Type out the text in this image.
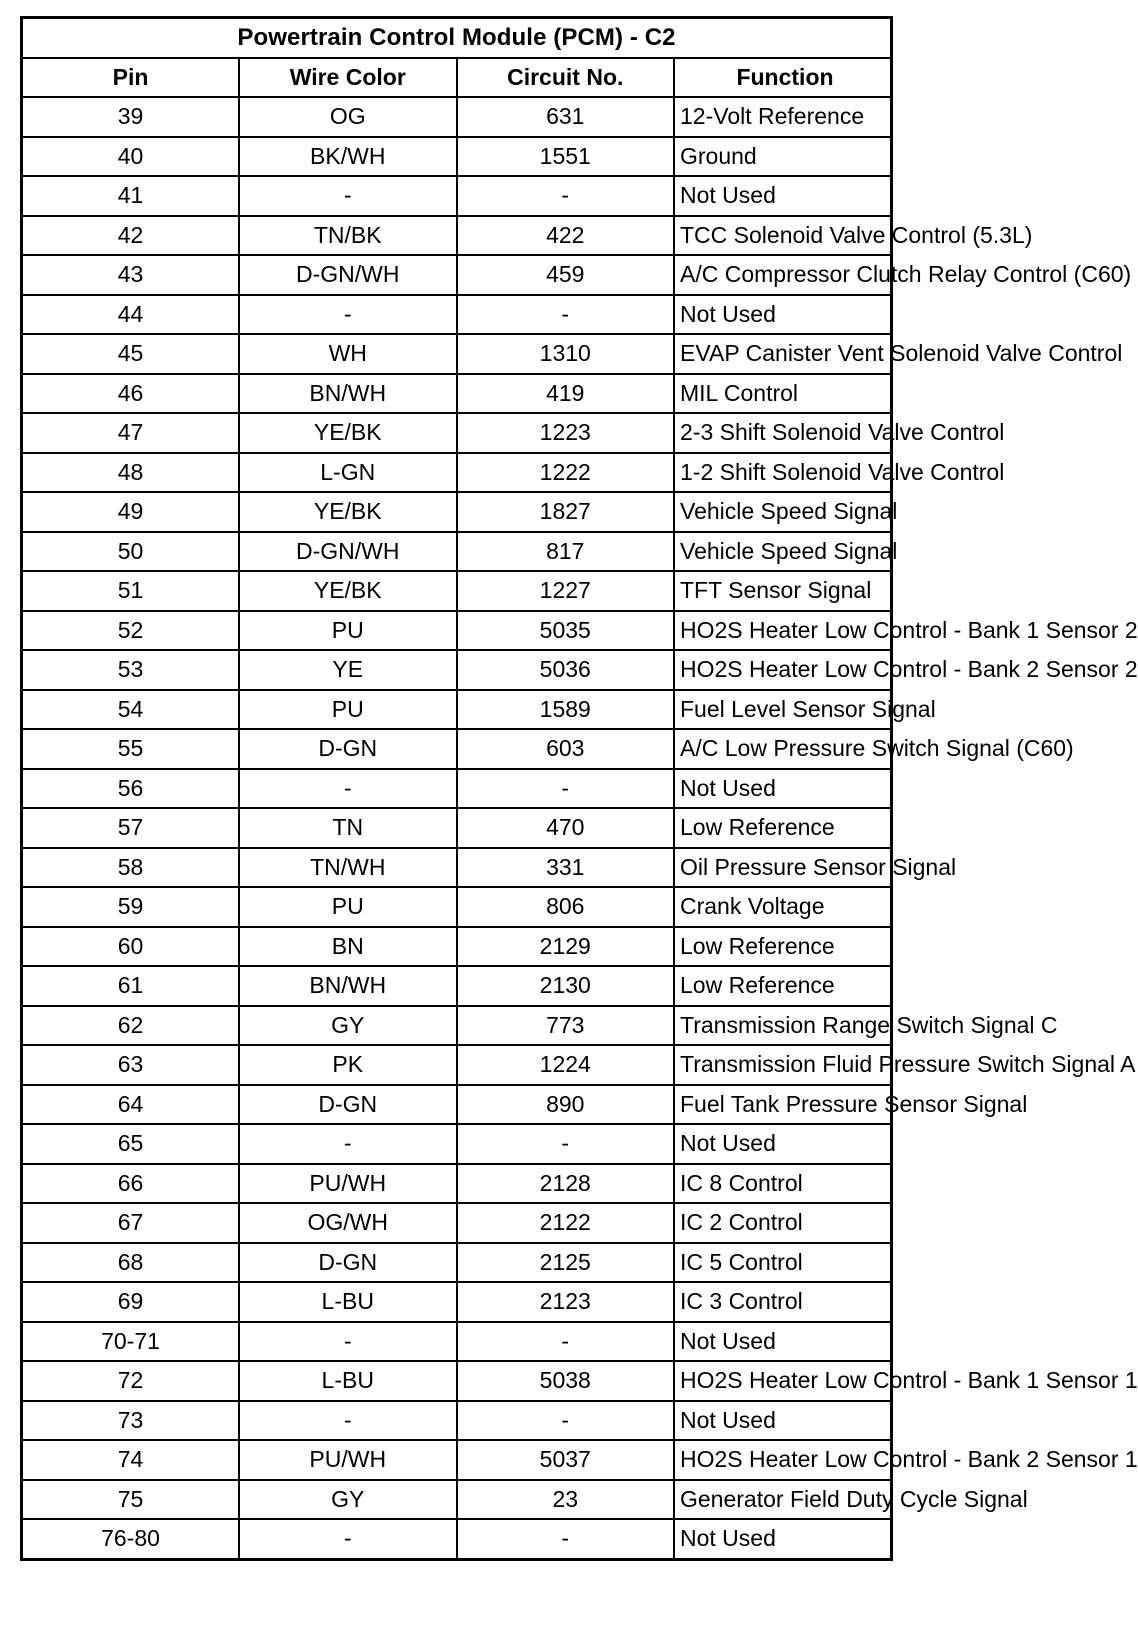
Powertrain Control Module (PCM) - C2			
Pin	Wire Color	Circuit No.	Function
39	OG	631	12-Volt Reference
40	BK/WH	1551	Ground
41	-	-	Not Used
42	TN/BK	422	TCC Solenoid Valve Control (5.3L)
43	D-GN/WH	459	A/C Compressor Clutch Relay Control (C60)
44	-	-	Not Used
45	WH	1310	EVAP Canister Vent Solenoid Valve Control
46	BN/WH	419	MIL Control
47	YE/BK	1223	2-3 Shift Solenoid Valve Control
48	L-GN	1222	1-2 Shift Solenoid Valve Control
49	YE/BK	1827	Vehicle Speed Signal
50	D-GN/WH	817	Vehicle Speed Signal
51	YE/BK	1227	TFT Sensor Signal
52	PU	5035	HO2S Heater Low Control - Bank 1 Sensor 2
53	YE	5036	HO2S Heater Low Control - Bank 2 Sensor 2
54	PU	1589	Fuel Level Sensor Signal
55	D-GN	603	A/C Low Pressure Switch Signal (C60)
56	-	-	Not Used
57	TN	470	Low Reference
58	TN/WH	331	Oil Pressure Sensor Signal
59	PU	806	Crank Voltage
60	BN	2129	Low Reference
61	BN/WH	2130	Low Reference
62	GY	773	Transmission Range Switch Signal C
63	PK	1224	Transmission Fluid Pressure Switch Signal A
64	D-GN	890	Fuel Tank Pressure Sensor Signal
65	-	-	Not Used
66	PU/WH	2128	IC 8 Control
67	OG/WH	2122	IC 2 Control
68	D-GN	2125	IC 5 Control
69	L-BU	2123	IC 3 Control
70-71	-	-	Not Used
72	L-BU	5038	HO2S Heater Low Control - Bank 1 Sensor 1
73	-	-	Not Used
74	PU/WH	5037	HO2S Heater Low Control - Bank 2 Sensor 1
75	GY	23	Generator Field Duty Cycle Signal
76-80	-	-	Not Used
